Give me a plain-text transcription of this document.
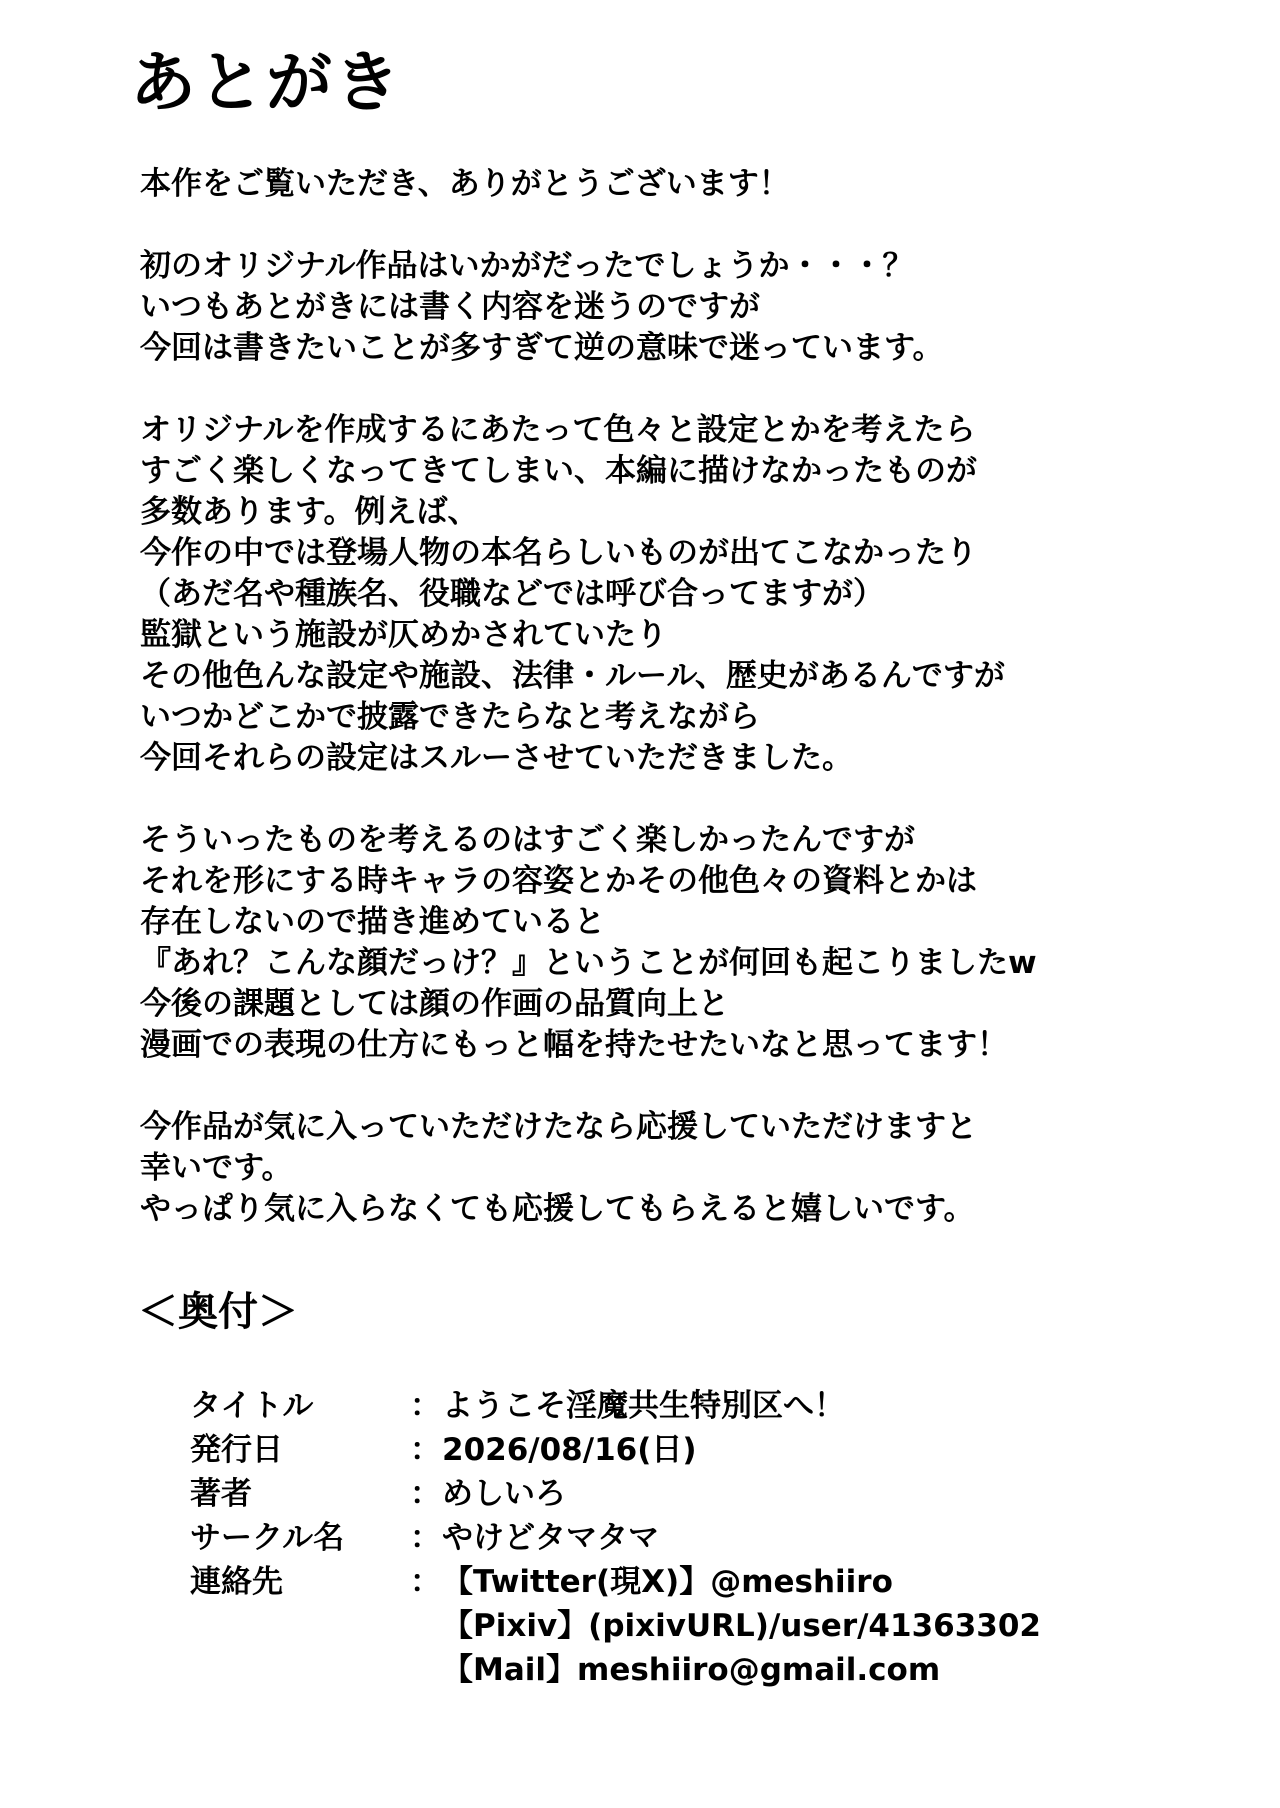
あとがき
本作をご覧いただき、ありがとうございます！
初のオリジナル作品はいかがだったでしょうか・・・？
いつもあとがきには書く内容を迷うのですが
今回は書きたいことが多すぎて逆の意味で迷っています。
オリジナルを作成するにあたって色々と設定とかを考えたら
すごく楽しくなってきてしまい、本編に描けなかったものが
多数あります。例えば、
今作の中では登場人物の本名らしいものが出てこなかったり
（あだ名や種族名、役職などでは呼び合ってますが）
監獄という施設が仄めかされていたり
その他色んな設定や施設、法律・ルール、歴史があるんですが
いつかどこかで披露できたらなと考えながら
今回それらの設定はスルーさせていただきました。
そういったものを考えるのはすごく楽しかったんですが
それを形にする時キャラの容姿とかその他色々の資料とかは
存在しないので描き進めていると
『あれ？こんな顔だっけ？』ということが何回も起こりましたw
今後の課題としては顔の作画の品質向上と
漫画での表現の仕方にもっと幅を持たせたいなと思ってます！
今作品が気に入っていただけたなら応援していただけますと
幸いです。
やっぱり気に入らなくても応援してもらえると嬉しいです。
＜奥付＞
タイトル	： ようこそ淫魔共生特別区へ！
発行日	： 2026/08/16(日)
著者	： めしいろ
サークル名	： やけどタマタマ
連絡先	： 【Twitter(現X)】@meshiiro
【Pixiv】(pixivURL)/user/41363302
【Mail】meshiiro@gmail.com
